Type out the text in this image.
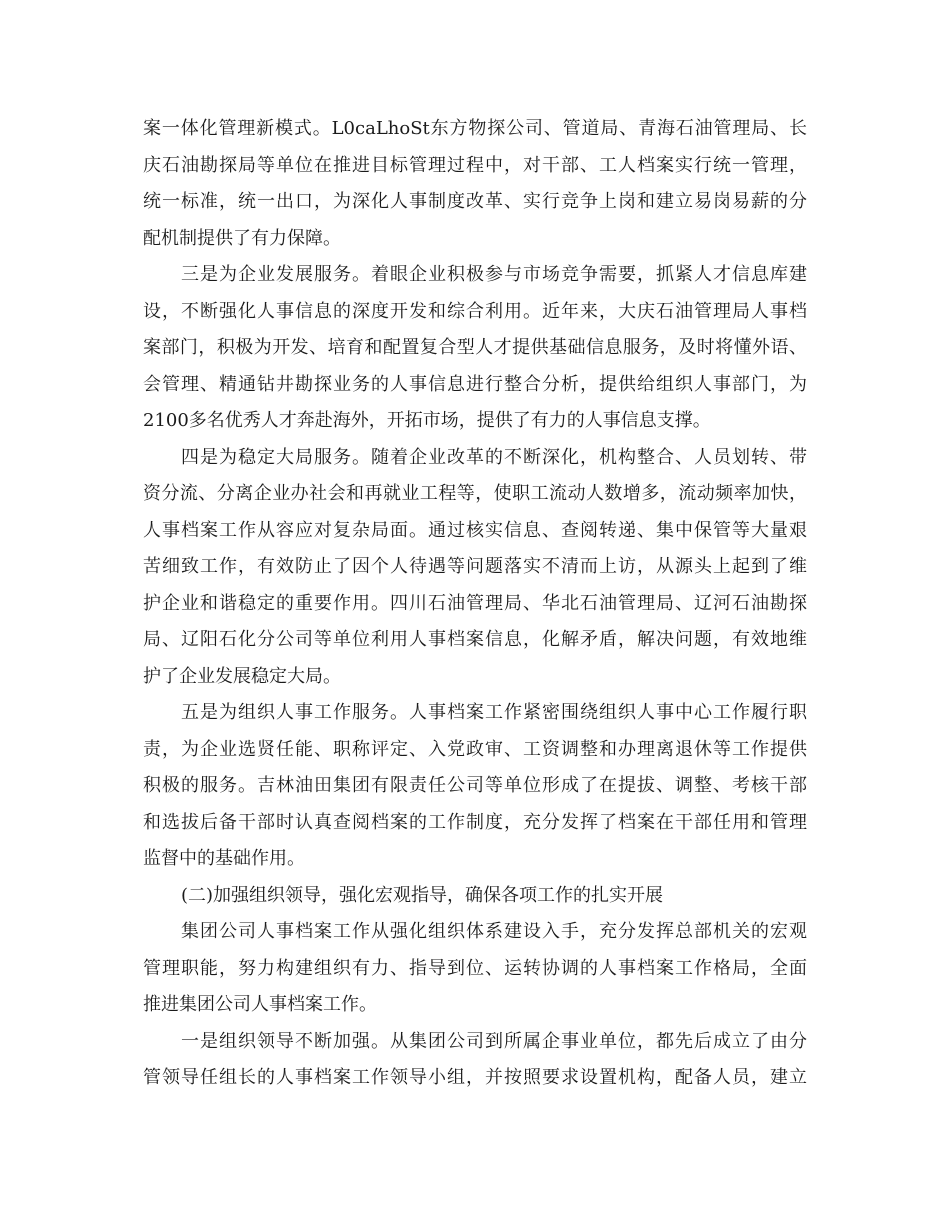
案一体化管理新模式。L0caLhoSt东方物探公司、管道局、青海石油管理局、长
庆石油勘探局等单位在推进目标管理过程中，对干部、工人档案实行统一管理，
统一标准，统一出口，为深化人事制度改革、实行竞争上岗和建立易岗易薪的分
配机制提供了有力保障。
三是为企业发展服务。着眼企业积极参与市场竞争需要，抓紧人才信息库建
设，不断强化人事信息的深度开发和综合利用。近年来，大庆石油管理局人事档
案部门，积极为开发、培育和配置复合型人才提供基础信息服务，及时将懂外语、
会管理、精通钻井勘探业务的人事信息进行整合分析，提供给组织人事部门，为
2100多名优秀人才奔赴海外，开拓市场，提供了有力的人事信息支撑。
四是为稳定大局服务。随着企业改革的不断深化，机构整合、人员划转、带
资分流、分离企业办社会和再就业工程等，使职工流动人数增多，流动频率加快，
人事档案工作从容应对复杂局面。通过核实信息、查阅转递、集中保管等大量艰
苦细致工作，有效防止了因个人待遇等问题落实不清而上访，从源头上起到了维
护企业和谐稳定的重要作用。四川石油管理局、华北石油管理局、辽河石油勘探
局、辽阳石化分公司等单位利用人事档案信息，化解矛盾，解决问题，有效地维
护了企业发展稳定大局。
五是为组织人事工作服务。人事档案工作紧密围绕组织人事中心工作履行职
责，为企业选贤任能、职称评定、入党政审、工资调整和办理离退休等工作提供
积极的服务。吉林油田集团有限责任公司等单位形成了在提拔、调整、考核干部
和选拔后备干部时认真查阅档案的工作制度，充分发挥了档案在干部任用和管理
监督中的基础作用。
(二)加强组织领导，强化宏观指导，确保各项工作的扎实开展
集团公司人事档案工作从强化组织体系建设入手，充分发挥总部机关的宏观
管理职能，努力构建组织有力、指导到位、运转协调的人事档案工作格局，全面
推进集团公司人事档案工作。
一是组织领导不断加强。从集团公司到所属企事业单位，都先后成立了由分
管领导任组长的人事档案工作领导小组，并按照要求设置机构，配备人员，建立
